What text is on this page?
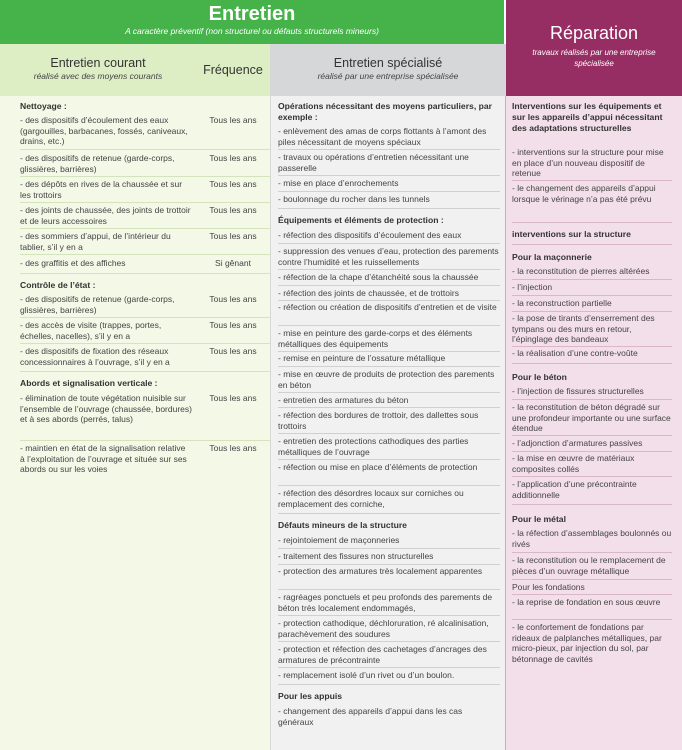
Entretien
A caractère préventif (non structurel ou défauts structurels mineurs)	Réparation
travaux réalisés par une entreprise spécialisée
Entretien courant
réalisé avec des moyens courants	Fréquence	Entretien spécialisé
réalisé par une entreprise spécialisée
Nettoyage :
- des dispositifs d’écoulement des eaux (gargouilles, barbacanes, fossés, caniveaux, drains, etc.)
Tous les ans
- des dispositifs de retenue (garde-corps, glissières, barrières)
Tous les ans
- des dépôts en rives de la chaussée et sur les trottoirs
Tous les ans
- des joints de chaussée, des joints de trottoir et de leurs accessoires
Tous les ans
- des sommiers d’appui, de l’intérieur du tablier, s’il y en a
Tous les ans
- des graffitis et des affiches	Si gênant
Contrôle de l’état :
- des dispositifs de retenue (garde-corps, glissières, barrières)
Tous les ans
- des accès de visite (trappes, portes, échelles, nacelles), s’il y en a
Tous les ans
- des dispositifs de fixation des réseaux concessionnaires à l’ouvrage, s’il y en a
Tous les ans
Abords et signalisation verticale :
- élimination de toute végétation nuisible sur l’ensemble de l’ouvrage (chaussée, bordures) et à ses abords (perrés, talus)
Tous les ans
- maintien en état de la signalisation relative à l’exploitation de l’ouvrage et située sur ses abords ou sur les voies
Tous les ans
Opérations nécessitant des moyens particuliers, par exemple :
- enlèvement des amas de corps flottants à l’amont des piles nécessitant de moyens spéciaux
- travaux ou opérations d’entretien nécessitant une passerelle
- mise en place d’enrochements
- boulonnage du rocher dans les tunnels
Équipements et éléments de protection :
- réfection des dispositifs d’écoulement des eaux
- suppression des venues d’eau, protection des parements contre l’humidité et les ruissellements
- réfection de la chape d’étanchéité sous la chaussée
- réfection des joints de chaussée, et de trottoirs
- réfection ou création de dispositifs d’entretien et de visite
- mise en peinture des garde-corps et des éléments métalliques des équipements
- remise en peinture de l’ossature métallique
- mise en œuvre de produits de protection des parements en béton
- entretien des armatures du béton
- réfection des bordures de trottoir, des dallettes sous trottoirs
- entretien des protections cathodiques des parties métalliques de l’ouvrage
- réfection ou mise en place d’éléments de protection
- réfection des désordres locaux sur corniches ou remplacement des corniche,
Défauts mineurs de la structure
- rejointoiement de maçonneries
- traitement des fissures non structurelles
- protection des armatures très localement apparentes
- ragréages ponctuels et peu profonds des parements de béton très localement endommagés,
- protection cathodique, déchloruration, ré alcalinisation, parachèvement des soudures
- protection et réfection des cachetages d’ancrages des armatures de précontrainte
- remplacement isolé d’un rivet ou d’un boulon.
Pour les appuis
- changement des appareils d’appui dans les cas généraux
Interventions sur les équipements et sur les appareils d’appui nécessitant des adaptations structurelles
- interventions sur la structure pour mise en place d’un nouveau dispositif de retenue
- le changement des appareils d’appui lorsque le vérinage n’a pas été prévu
interventions sur la structure
Pour la maçonnerie
- la reconstitution de pierres altérées
- l’injection
- la reconstruction partielle
- la pose de tirants d’enserrement des tympans ou des murs en retour, l’épinglage des bandeaux
- la réalisation d’une contre-voûte
Pour le béton
- l’injection de fissures structurelles
- la reconstitution de béton dégradé sur une profondeur importante ou une surface étendue
- l’adjonction d’armatures passives
- la mise en œuvre de matériaux composites collés
- l’application d’une précontrainte additionnelle
Pour le métal
- la réfection d’assemblages boulonnés ou rivés
- la reconstitution ou le remplacement de pièces d’un ouvrage métallique
Pour les fondations
- la reprise de fondation en sous œuvre
- le confortement de fondations par rideaux de palplanches métalliques, par micro-pieux, par injection du sol, par bétonnage de cavités
